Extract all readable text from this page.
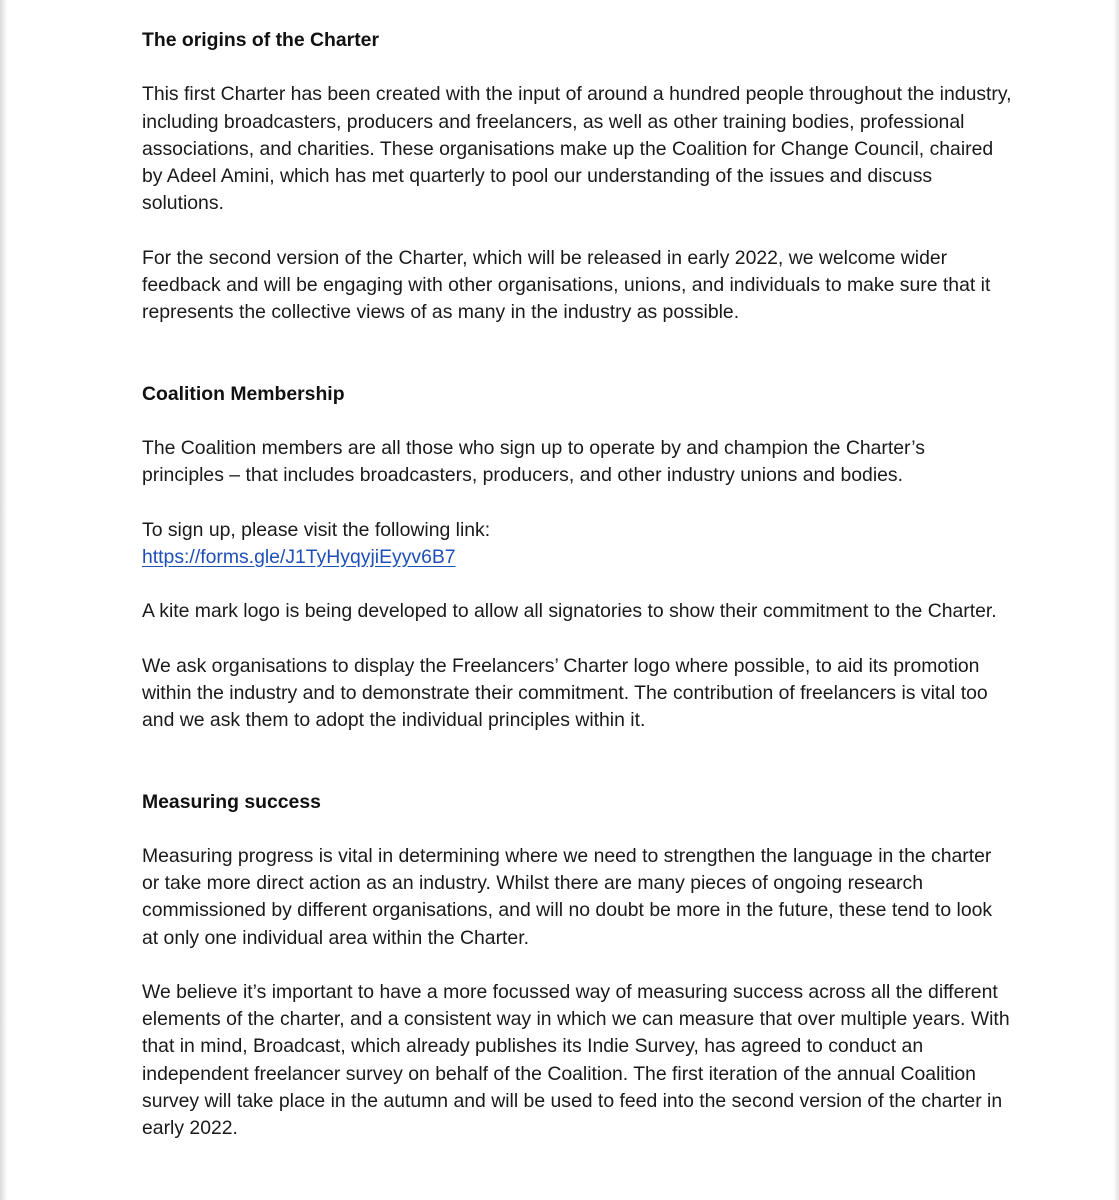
The origins of the Charter

This first Charter has been created with the input of around a hundred people throughout the industry, including broadcasters, producers and freelancers, as well as other training bodies, professional associations, and charities. These organisations make up the Coalition for Change Council, chaired by Adeel Amini, which has met quarterly to pool our understanding of the issues and discuss solutions.

For the second version of the Charter, which will be released in early 2022, we welcome wider feedback and will be engaging with other organisations, unions, and individuals to make sure that it represents the collective views of as many in the industry as possible.

Coalition Membership

The Coalition members are all those who sign up to operate by and champion the Charter’s principles – that includes broadcasters, producers, and other industry unions and bodies.

To sign up, please visit the following link:
https://forms.gle/J1TyHyqyjiEyyv6B7

A kite mark logo is being developed to allow all signatories to show their commitment to the Charter.

We ask organisations to display the Freelancers’ Charter logo where possible, to aid its promotion within the industry and to demonstrate their commitment. The contribution of freelancers is vital too and we ask them to adopt the individual principles within it.

Measuring success

Measuring progress is vital in determining where we need to strengthen the language in the charter or take more direct action as an industry. Whilst there are many pieces of ongoing research commissioned by different organisations, and will no doubt be more in the future, these tend to look at only one individual area within the Charter.

We believe it’s important to have a more focussed way of measuring success across all the different elements of the charter, and a consistent way in which we can measure that over multiple years. With that in mind, Broadcast, which already publishes its Indie Survey, has agreed to conduct an independent freelancer survey on behalf of the Coalition. The first iteration of the annual Coalition survey will take place in the autumn and will be used to feed into the second version of the charter in early 2022.
